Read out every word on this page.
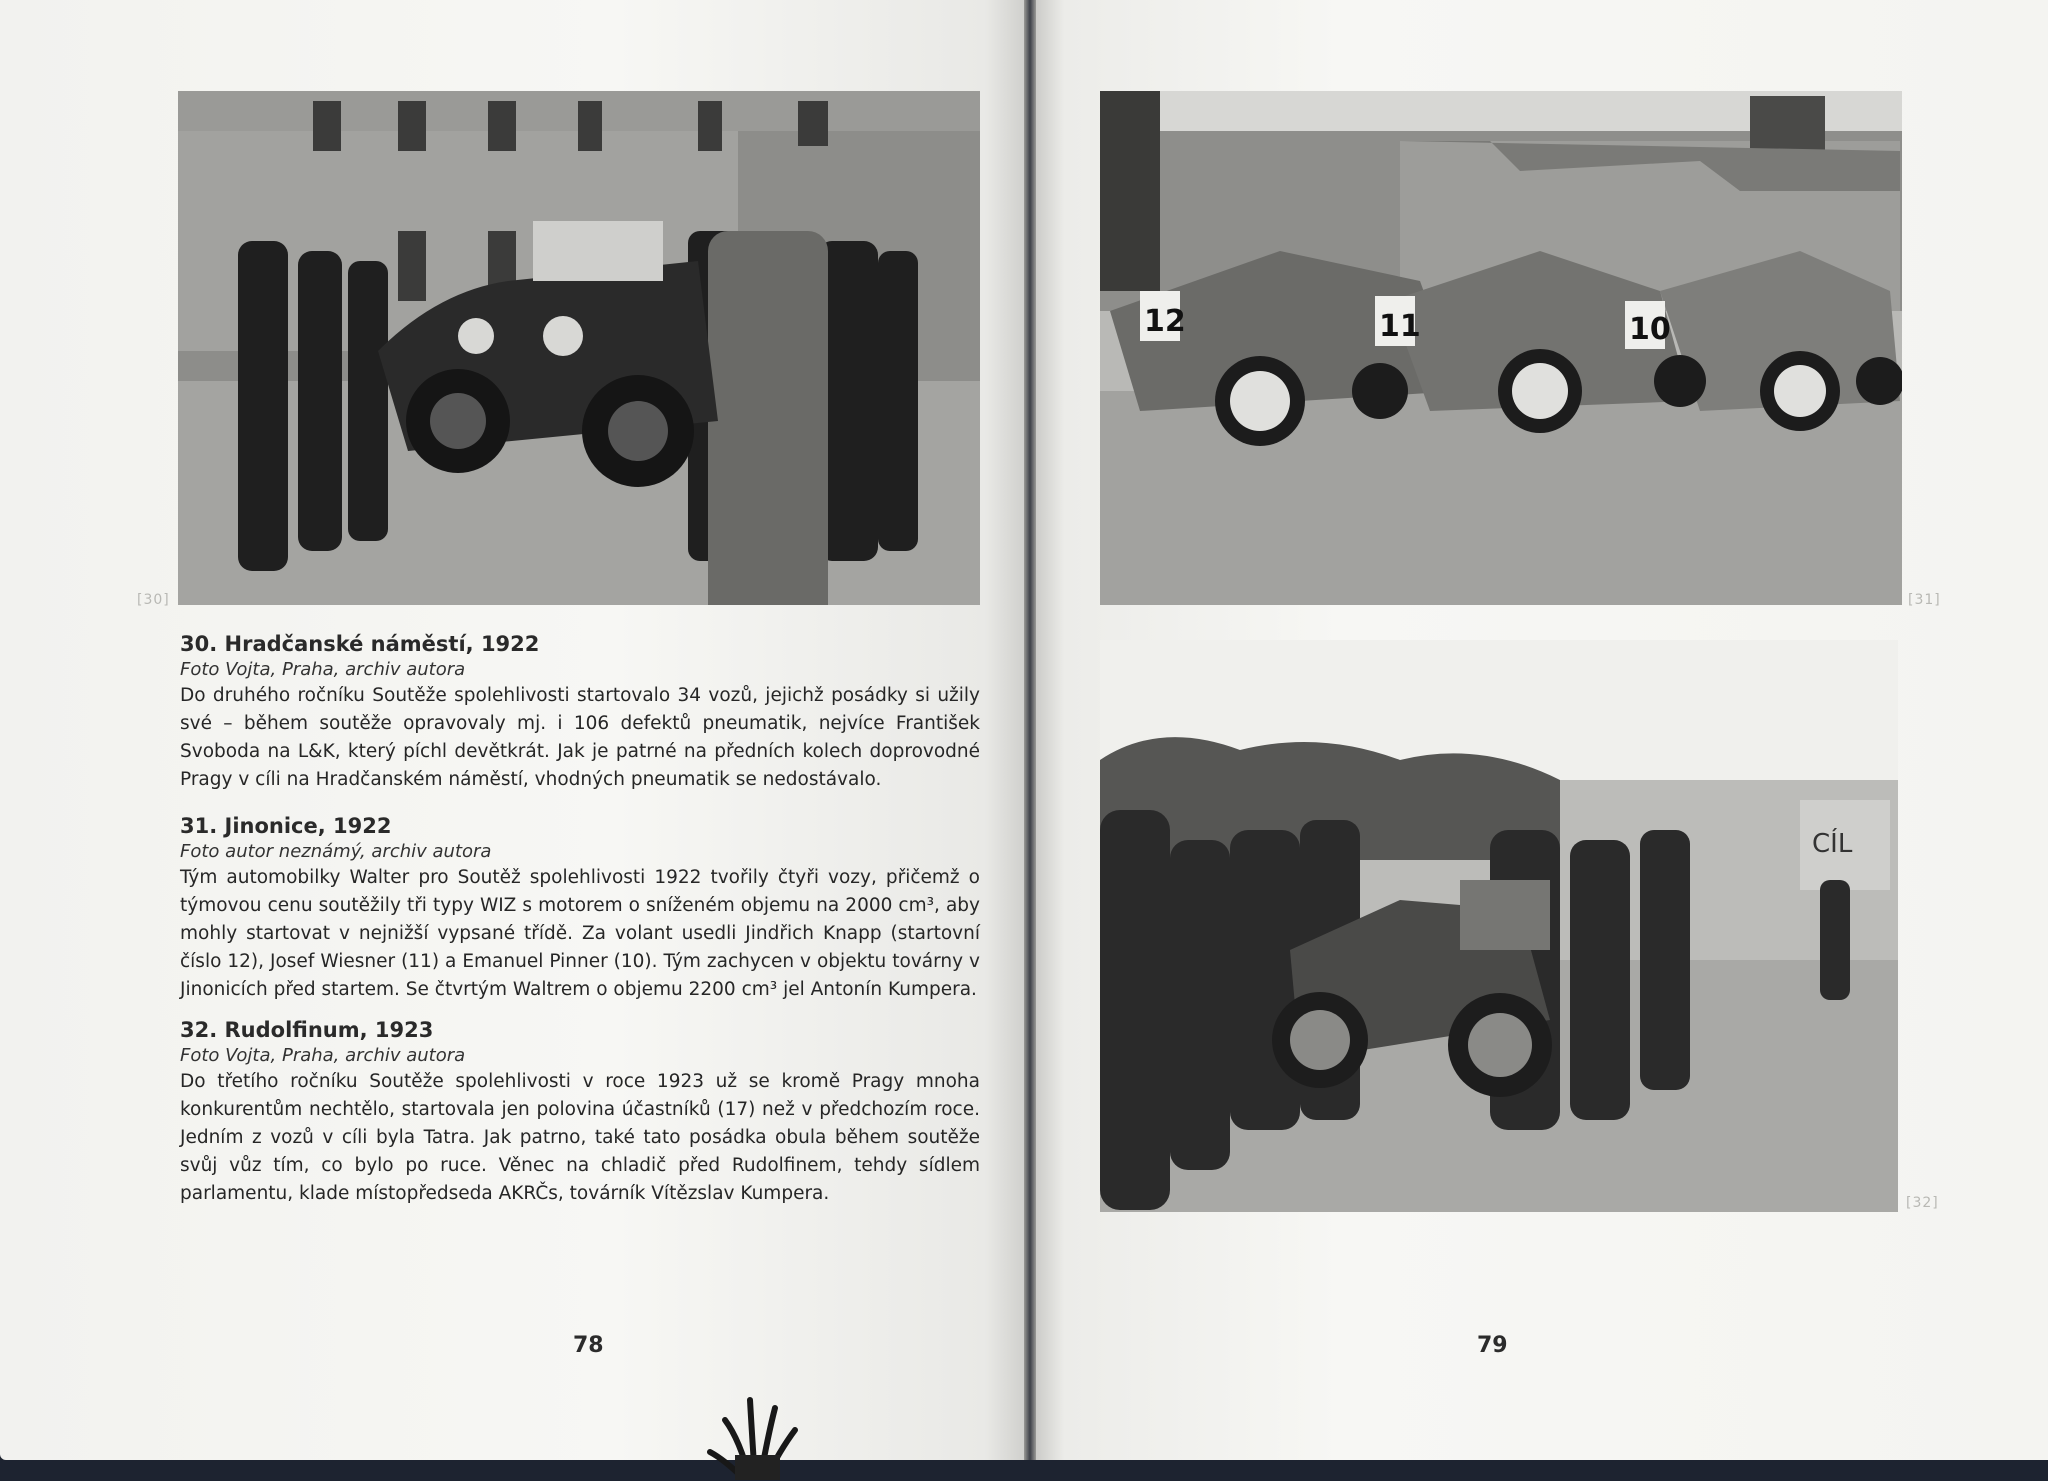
[30]
12	11	10
[31]
CÍL
[32]

30. Hradčanské náměstí, 1922

Foto Vojta, Praha, archiv autora

Do druhého ročníku Soutěže spolehlivosti startovalo 34 vozů, jejichž posádky si užily své – během soutěže opravovaly mj. i 106 defektů pneumatik, nejvíce František Svoboda na L&K, který píchl devětkrát. Jak je patrné na předních kolech doprovodné Pragy v cíli na Hradčanském náměstí, vhodných pneumatik se nedostávalo.

31. Jinonice, 1922

Foto autor neznámý, archiv autora

Tým automobilky Walter pro Soutěž spolehlivosti 1922 tvořily čtyři vozy, přičemž o týmovou cenu soutěžily tři typy WIZ s motorem o sníženém objemu na 2000 cm³, aby mohly startovat v nejnižší vypsané třídě. Za volant usedli Jindřich Knapp (startovní číslo 12), Josef Wiesner (11) a Emanuel Pinner (10). Tým zachycen v objektu továrny v Jinonicích před startem. Se čtvrtým Waltrem o objemu 2200 cm³ jel Antonín Kumpera.

32. Rudolfinum, 1923

Foto Vojta, Praha, archiv autora

Do třetího ročníku Soutěže spolehlivosti v roce 1923 už se kromě Pragy mnoha konkurentům nechtělo, startovala jen polovina účastníků (17) než v předchozím roce. Jedním z vozů v cíli byla Tatra. Jak patrno, také tato posádka obula během soutěže svůj vůz tím, co bylo po ruce. Věnec na chladič před Rudolfinem, tehdy sídlem parlamentu, klade místopředseda AKRČs, továrník Vítězslav Kumpera.

78	79
